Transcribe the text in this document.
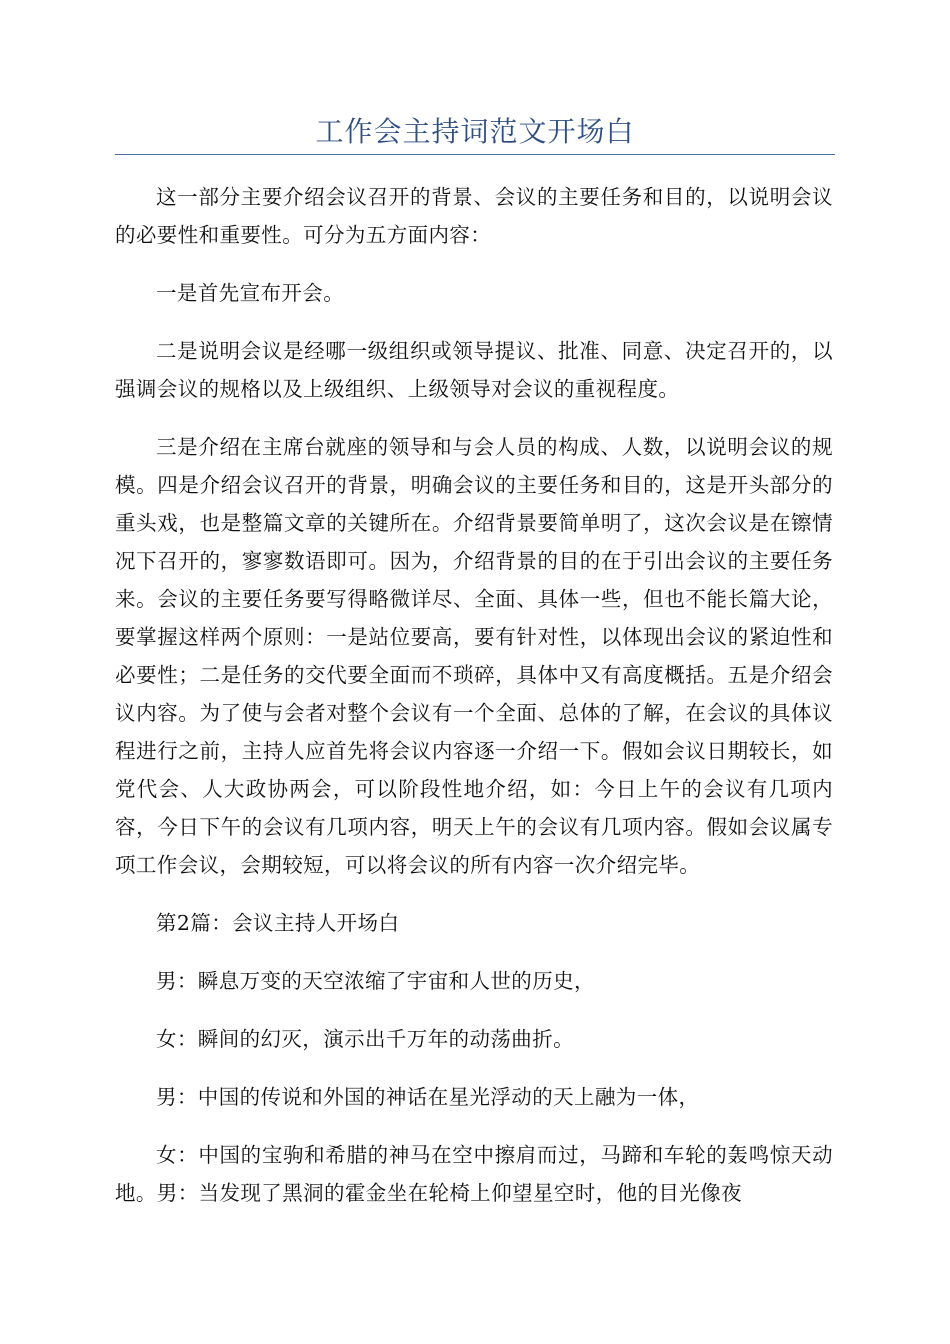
工作会主持词范文开场白

这一部分主要介绍会议召开的背景、会议的主要任务和目的，以说明会议的必要性和重要性。可分为五方面内容：

一是首先宣布开会。

二是说明会议是经哪一级组织或领导提议、批准、同意、决定召开的，以强调会议的规格以及上级组织、上级领导对会议的重视程度。

三是介绍在主席台就座的领导和与会人员的构成、人数，以说明会议的规模。四是介绍会议召开的背景，明确会议的主要任务和目的，这是开头部分的重头戏，也是整篇文章的关键所在。介绍背景要简单明了，这次会议是在镲情况下召开的，寥寥数语即可。因为，介绍背景的目的在于引出会议的主要任务来。会议的主要任务要写得略微详尽、全面、具体一些，但也不能长篇大论，要掌握这样两个原则：一是站位要高，要有针对性，以体现出会议的紧迫性和必要性；二是任务的交代要全面而不琐碎，具体中又有高度概括。五是介绍会议内容。为了使与会者对整个会议有一个全面、总体的了解，在会议的具体议程进行之前，主持人应首先将会议内容逐一介绍一下。假如会议日期较长，如党代会、人大政协两会，可以阶段性地介绍，如：今日上午的会议有几项内容，今日下午的会议有几项内容，明天上午的会议有几项内容。假如会议属专项工作会议，会期较短，可以将会议的所有内容一次介绍完毕。

第2篇：会议主持人开场白

男：瞬息万变的天空浓缩了宇宙和人世的历史，

女：瞬间的幻灭，演示出千万年的动荡曲折。

男：中国的传说和外国的神话在星光浮动的天上融为一体，

女：中国的宝驹和希腊的神马在空中擦肩而过，马蹄和车轮的轰鸣惊天动地。男：当发现了黑洞的霍金坐在轮椅上仰望星空时，他的目光像夜
